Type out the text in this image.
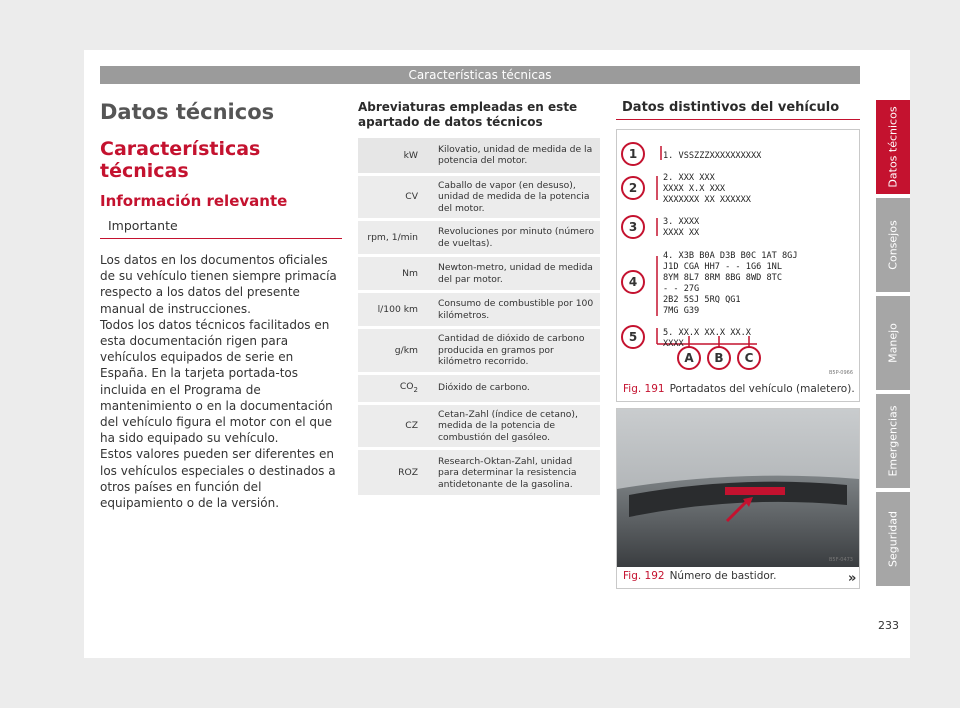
Características técnicas
Datos técnicos
Características técnicas
Información relevante
Importante

Los datos en los documentos oficiales de su vehículo tienen siempre primacía respecto a los datos del presente manual de instrucciones.

Todos los datos técnicos facilitados en esta documentación rigen para vehículos equipados de serie en España. En la tarjeta portada-tos incluida en el Programa de mantenimiento o en la documentación del vehículo figura el motor con el que ha sido equipado su vehículo.

Estos valores pueden ser diferentes en los vehículos especiales o destinados a otros países en función del equipamiento o de la versión.

Abreviaturas empleadas en este apartado de datos técnicos
kW	Kilovatio, unidad de medida de la potencia del motor.
CV	Caballo de vapor (en desuso), unidad de medida de la potencia del motor.
rpm, 1/min	Revoluciones por minuto (número de vueltas).
Nm	Newton-metro, unidad de medida del par motor.
l/100 km	Consumo de combustible por 100 kilómetros.
g/km	Cantidad de dióxido de carbono producida en gramos por kilómetro recorrido.
$CO_2$	Dióxido de carbono.
CZ	Cetan-Zahl (índice de cetano), medida de la potencia de combustión del gasóleo.
ROZ	Research-Oktan-Zahl, unidad para determinar la resistencia antidetonante de la gasolina.
Datos distintivos del vehículo
1
2
3
4
5
A B C
1. VSSZZZXXXXXXXXXX
2. XXX XXX
XXXX X.X XXX
XXXXXXX XX XXXXXX
3. XXXX
XXXX XX
4. X3B B0A D3B B0C 1AT 8GJ
J1D CGA HH7 - - 1G6 1NL
8YM 8L7 8RM 8BG 8WD 8TC
- - 27G
2B2 5SJ 5RQ QG1
7MG G39
5. XX.X XX.X XX.X
XXXX
B5P-0966
Fig. 191 Portadatos del vehículo (maletero).
B5F-0473
Fig. 192 Número de bastidor.	»
Datos técnicos
Consejos
Manejo
Emergencias
Seguridad
233
